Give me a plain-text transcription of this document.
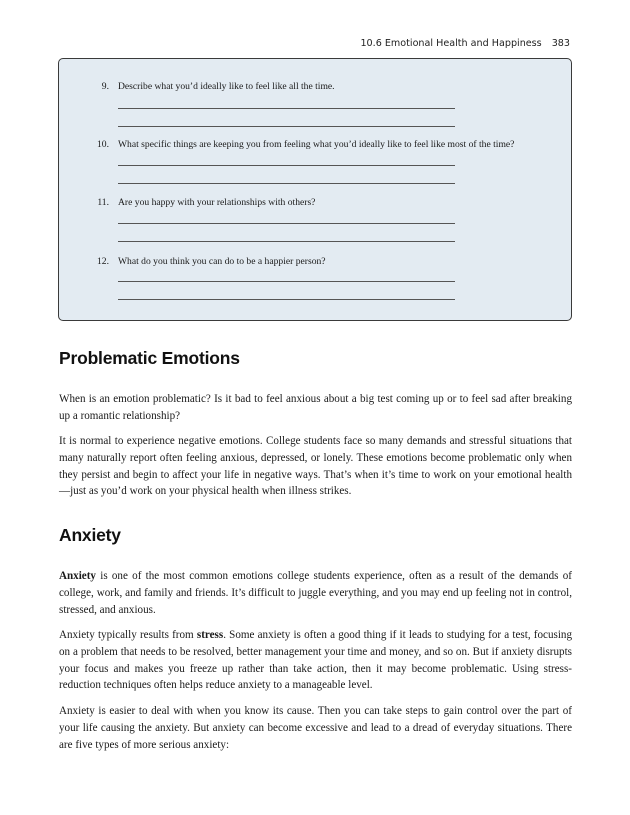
10.6 Emotional Health and Happiness 383
9. Describe what you’d ideally like to feel like all the time.
10. What specific things are keeping you from feeling what you’d ideally like to feel like most of the time?
11. Are you happy with your relationships with others?
12. What do you think you can do to be a happier person?
Problematic Emotions

When is an emotion problematic? Is it bad to feel anxious about a big test coming up or to feel sad after breaking up a romantic relationship?

It is normal to experience negative emotions. College students face so many demands and stressful situations that many naturally report often feeling anxious, depressed, or lonely. These emotions become problematic only when they persist and begin to affect your life in negative ways. That’s when it’s time to work on your emotional health—just as you’d work on your physical health when illness strikes.

Anxiety

Anxiety is one of the most common emotions college students experience, often as a result of the demands of college, work, and family and friends. It’s difficult to juggle everything, and you may end up feeling not in control, stressed, and anxious.

Anxiety typically results from stress. Some anxiety is often a good thing if it leads to studying for a test, focusing on a problem that needs to be resolved, better management your time and money, and so on. But if anxiety disrupts your focus and makes you freeze up rather than take action, then it may become problematic. Using stress-reduction techniques often helps reduce anxiety to a manageable level.

Anxiety is easier to deal with when you know its cause. Then you can take steps to gain control over the part of your life causing the anxiety. But anxiety can become excessive and lead to a dread of everyday situations. There are five types of more serious anxiety:
